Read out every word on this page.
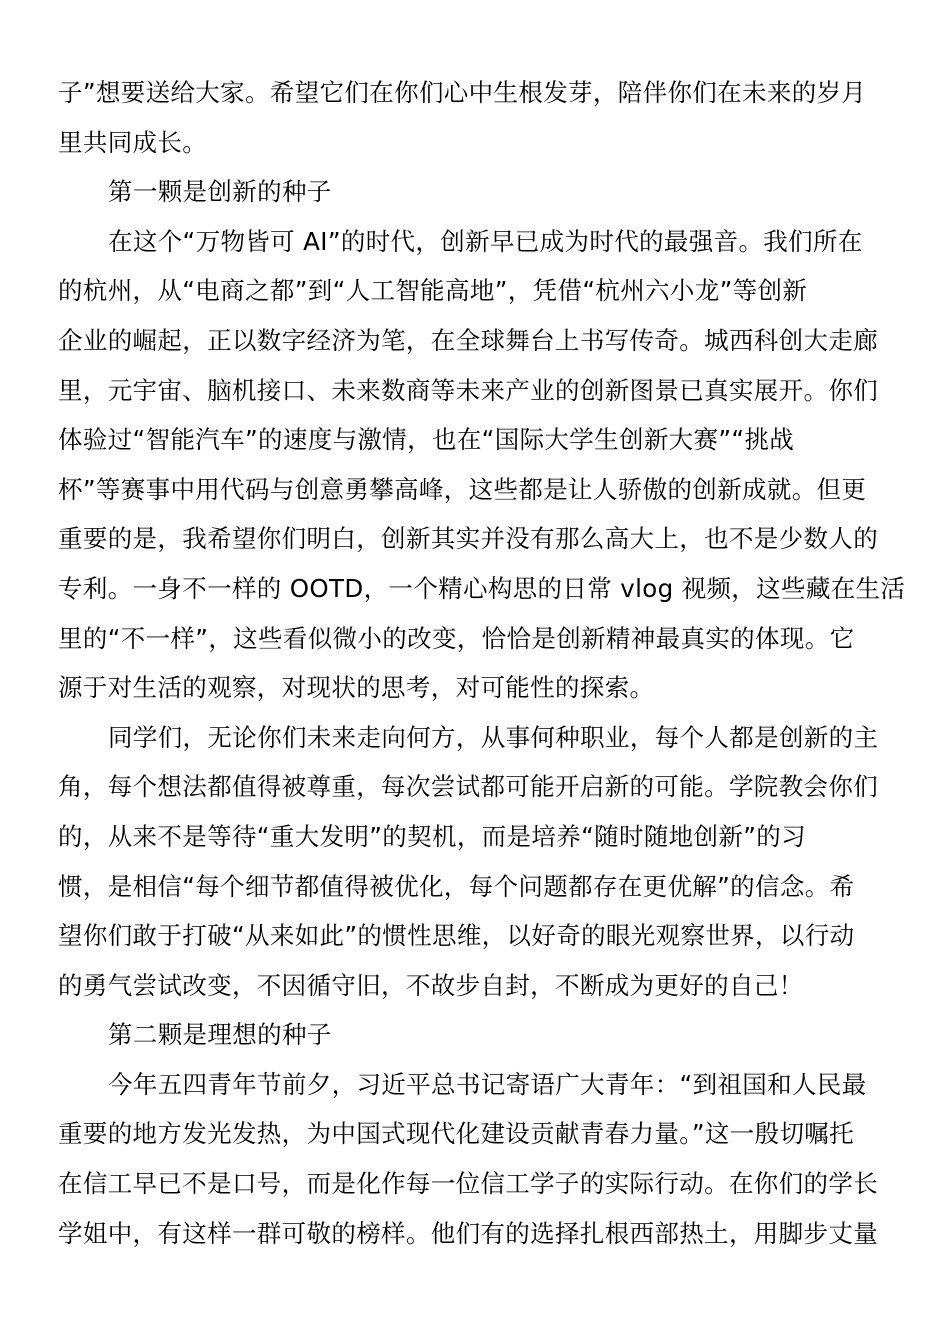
子”想要送给大家。希望它们在你们心中生根发芽，陪伴你们在未来的岁月
里共同成长。
第一颗是创新的种子
在这个“万物皆可 AI”的时代，创新早已成为时代的最强音。我们所在
的杭州，从“电商之都”到“人工智能高地”，凭借“杭州六小龙”等创新
企业的崛起，正以数字经济为笔，在全球舞台上书写传奇。城西科创大走廊
里，元宇宙、脑机接口、未来数商等未来产业的创新图景已真实展开。你们
体验过“智能汽车”的速度与激情，也在“国际大学生创新大赛”“挑战
杯”等赛事中用代码与创意勇攀高峰，这些都是让人骄傲的创新成就。但更
重要的是，我希望你们明白，创新其实并没有那么高大上，也不是少数人的
专利。一身不一样的 OOTD，一个精心构思的日常 vlog 视频，这些藏在生活
里的“不一样”，这些看似微小的改变，恰恰是创新精神最真实的体现。它
源于对生活的观察，对现状的思考，对可能性的探索。
同学们，无论你们未来走向何方，从事何种职业，每个人都是创新的主
角，每个想法都值得被尊重，每次尝试都可能开启新的可能。学院教会你们
的，从来不是等待“重大发明”的契机，而是培养“随时随地创新”的习
惯，是相信“每个细节都值得被优化，每个问题都存在更优解”的信念。希
望你们敢于打破“从来如此”的惯性思维，以好奇的眼光观察世界，以行动
的勇气尝试改变，不因循守旧，不故步自封，不断成为更好的自己！
第二颗是理想的种子
今年五四青年节前夕，习近平总书记寄语广大青年：“到祖国和人民最
重要的地方发光发热，为中国式现代化建设贡献青春力量。”这一殷切嘱托
在信工早已不是口号，而是化作每一位信工学子的实际行动。在你们的学长
学姐中，有这样一群可敬的榜样。他们有的选择扎根西部热土，用脚步丈量
